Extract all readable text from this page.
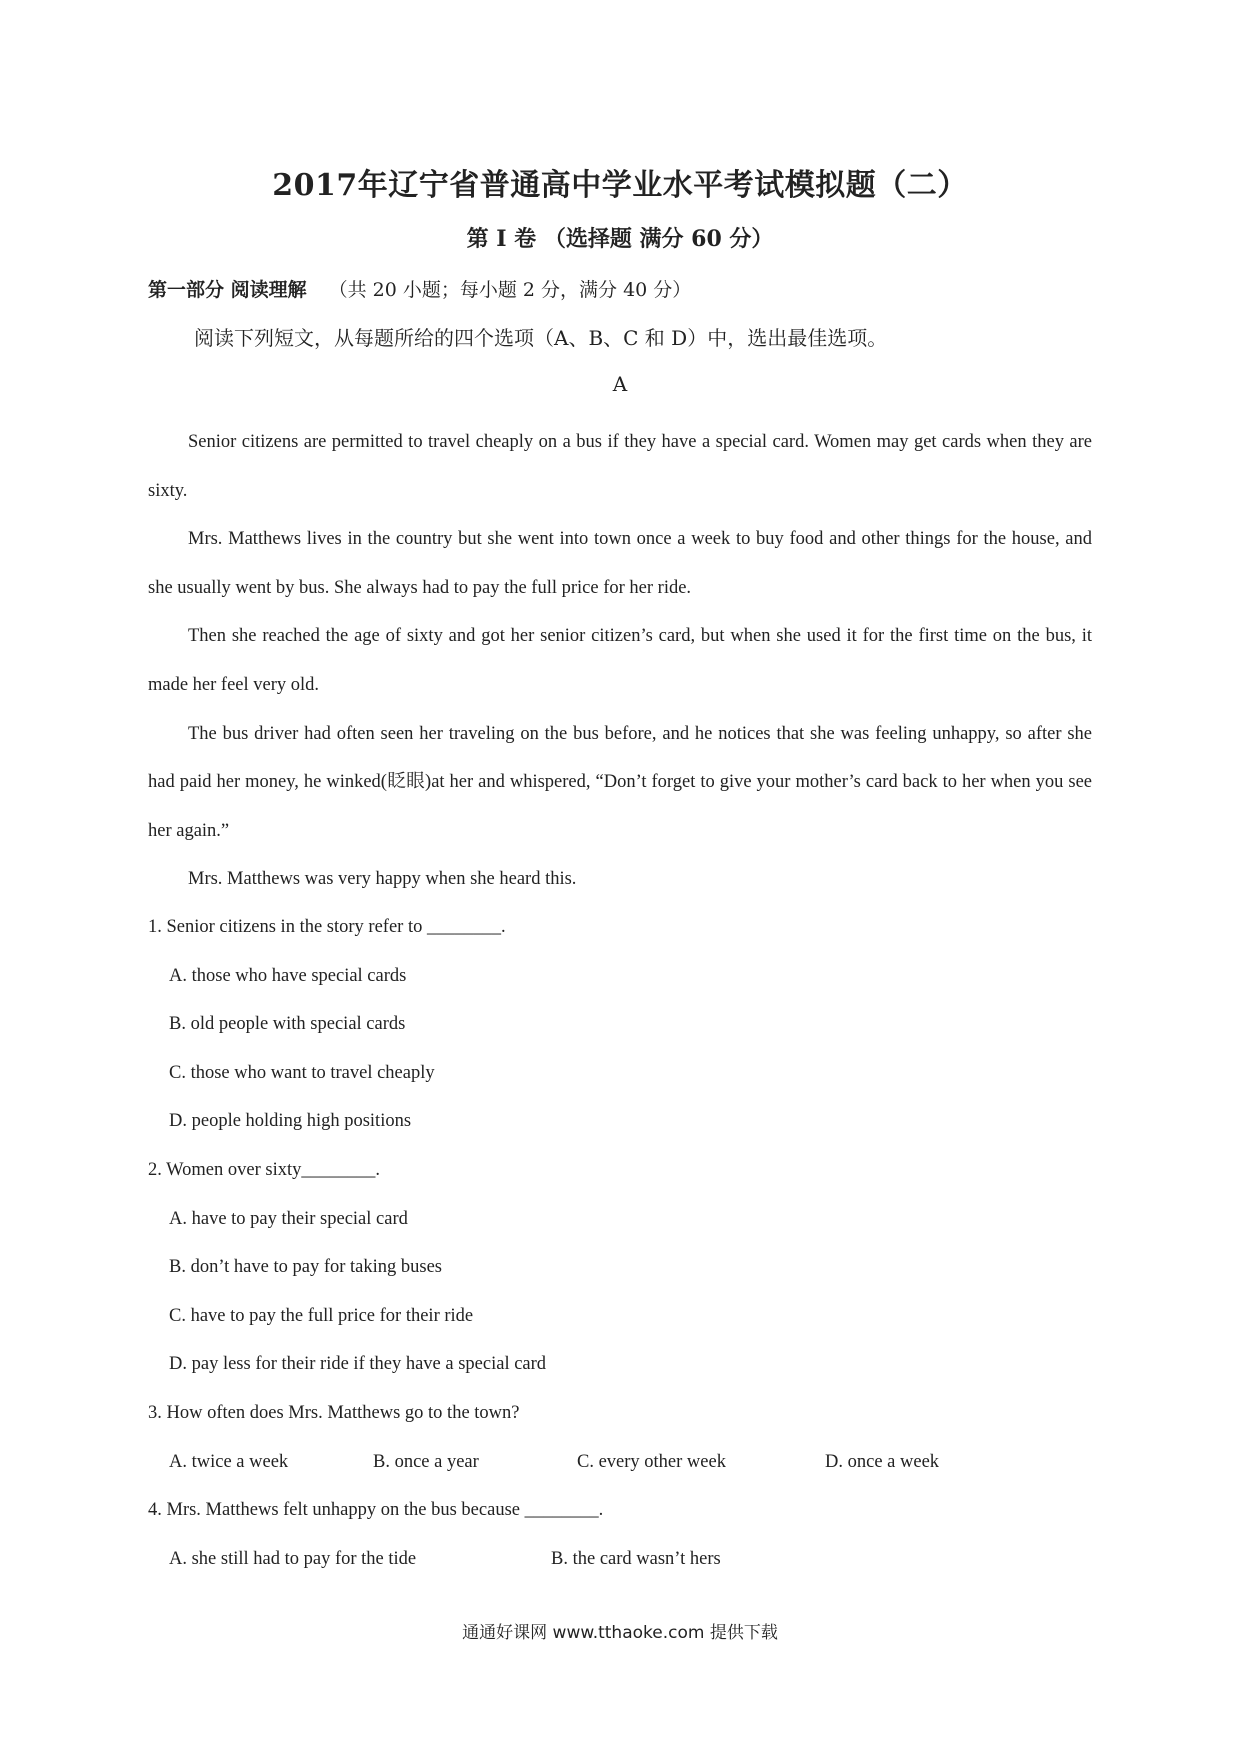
2017年辽宁省普通高中学业水平考试模拟题（二）
第 I 卷 （选择题 满分 60 分）
第一部分 阅读理解 （共 20 小题；每小题 2 分，满分 40 分）
阅读下列短文，从每题所给的四个选项（A、B、C 和 D）中，选出最佳选项。
A

Senior citizens are permitted to travel cheaply on a bus if they have a special card. Women may get cards when they are sixty.

Mrs. Matthews lives in the country but she went into town once a week to buy food and other things for the house, and she usually went by bus. She always had to pay the full price for her ride.

Then she reached the age of sixty and got her senior citizen’s card, but when she used it for the first time on the bus, it made her feel very old.

The bus driver had often seen her traveling on the bus before, and he notices that she was feeling unhappy, so after she had paid her money, he winked(眨眼)at her and whispered, “Don’t forget to give your mother’s card back to her when you see her again.”

Mrs. Matthews was very happy when she heard this.

1. Senior citizens in the story refer to ________.

A. those who have special cards

B. old people with special cards

C. those who want to travel cheaply

D. people holding high positions

2. Women over sixty________.

A. have to pay their special card

B. don’t have to pay for taking buses

C. have to pay the full price for their ride

D. pay less for their ride if they have a special card

3. How often does Mrs. Matthews go to the town?

A. twice a week	B. once a year	C. every other week	D. once a week

4. Mrs. Matthews felt unhappy on the bus because ________.

A. she still had to pay for the tide	B. the card wasn’t hers
通通好课网 www.tthaoke.com 提供下载
